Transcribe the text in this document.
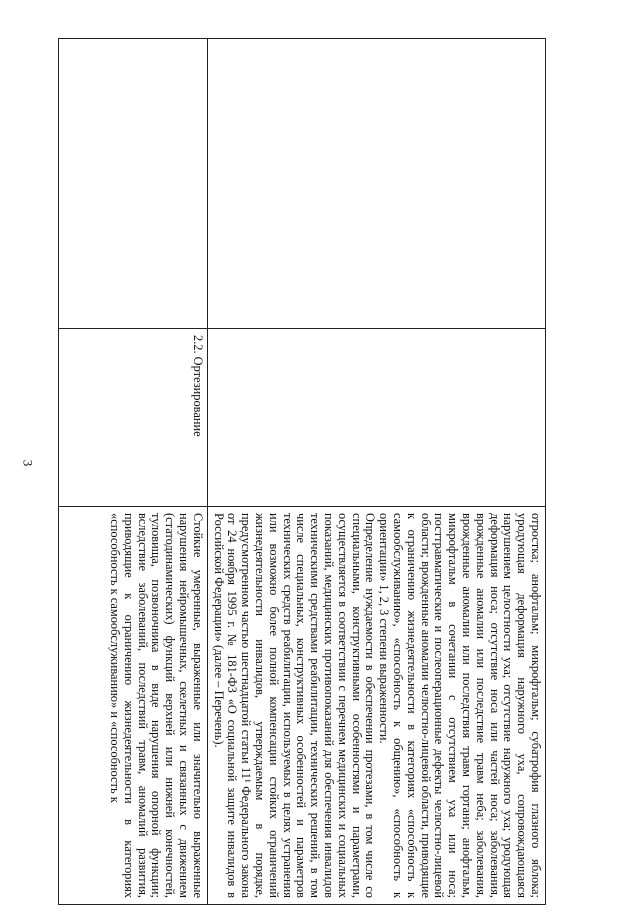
3

		отростка; анофтальм; микрофтальм; субатрофия глазного яблока; уродующая деформация наружного уха, сопровождающаяся нарушением целостности уха; отсутствие наружного уха; уродующая деформация носа; отсутствие носа или частей носа; заболевания, врожденные аномалии или последствие травм неба; заболевания, врожденные аномалии или последствия травм гортани; анофтальм, микрофтальм в сочетании с отсутствием уха или носа; посттравматические и послеоперационные дефекты челюстно-лицевой области; врожденные аномалии челюстно-лицевой области, приводящие к ограничению жизнедеятельности в категориях «способность к самообслуживанию», «способность к общению», «способность к ориентации» 1, 2, 3 степени выраженности.

Определение нуждаемости в обеспечении протезами, в том числе со специальными, конструктивными особенностями и параметрами, осуществляется в соответствии с перечнем медицинских и социальных показаний, медицинских противопоказаний для обеспечения инвалидов техническими средствами реабилитации, технических решений, в том числе специальных, конструктивных особенностей и параметров технических средств реабилитации, используемых в целях устранения или возможно более полной компенсации стойких ограничений жизнедеятельности инвалидов, утверждаемым в порядке, предусмотренном частью шестнадцатой статьи 11¹ Федерального закона от 24 ноября 1995 г. № 181-ФЗ «О социальной защите инвалидов в Российской Федерации» (далее – Перечень).

	2.2. Ортезирование	Стойкие умеренные, выраженные или значительно выраженные нарушения нейромышечных, скелетных и связанных с движением (статодинамических) функций верхней или нижней конечностей, туловища, позвоночника в виде нарушения опорной функции; вследствие заболеваний, последствий травм, аномалий развития, приводящие к ограничению жизнедеятельности в категориях «способность к самообслуживанию» и «способность к
